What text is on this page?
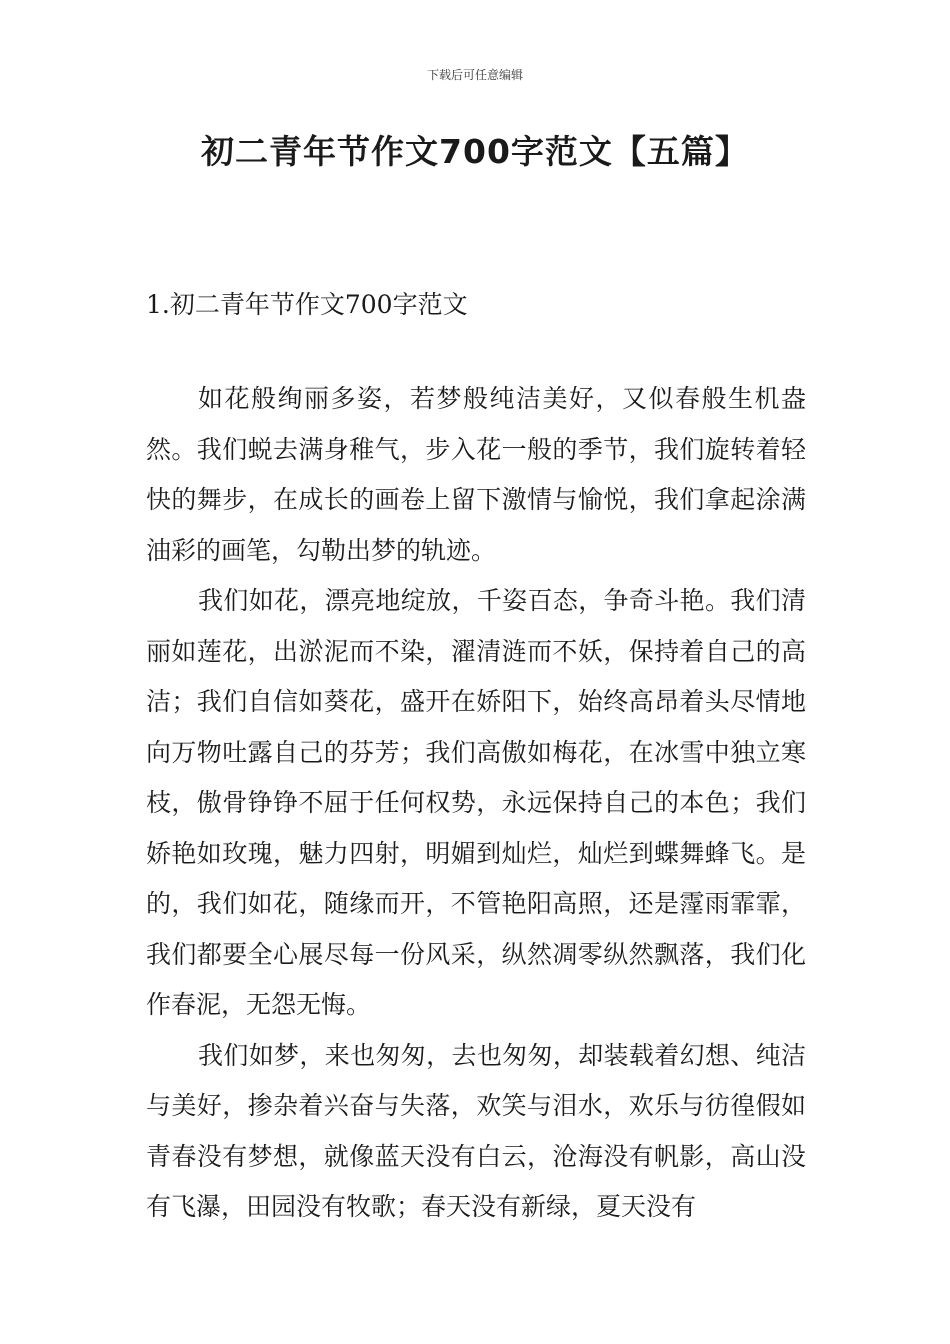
下载后可任意编辑
初二青年节作文700字范文【五篇】
1.初二青年节作文700字范文

如花般绚丽多姿，若梦般纯洁美好，又似春般生机盎然。我们蜕去满身稚气，步入花一般的季节，我们旋转着轻快的舞步，在成长的画卷上留下激情与愉悦，我们拿起涂满油彩的画笔，勾勒出梦的轨迹。

我们如花，漂亮地绽放，千姿百态，争奇斗艳。我们清丽如莲花，出淤泥而不染，濯清涟而不妖，保持着自己的高洁；我们自信如葵花，盛开在娇阳下，始终高昂着头尽情地向万物吐露自己的芬芳；我们高傲如梅花，在冰雪中独立寒枝，傲骨铮铮不屈于任何权势，永远保持自己的本色；我们娇艳如玫瑰，魅力四射，明媚到灿烂，灿烂到蝶舞蜂飞。是的，我们如花，随缘而开，不管艳阳高照，还是霪雨霏霏，我们都要全心展尽每一份风采，纵然凋零纵然飘落，我们化作春泥，无怨无悔。

我们如梦，来也匆匆，去也匆匆，却装载着幻想、纯洁与美好，掺杂着兴奋与失落，欢笑与泪水，欢乐与彷徨假如青春没有梦想，就像蓝天没有白云，沧海没有帆影，高山没有飞瀑，田园没有牧歌；春天没有新绿，夏天没有
